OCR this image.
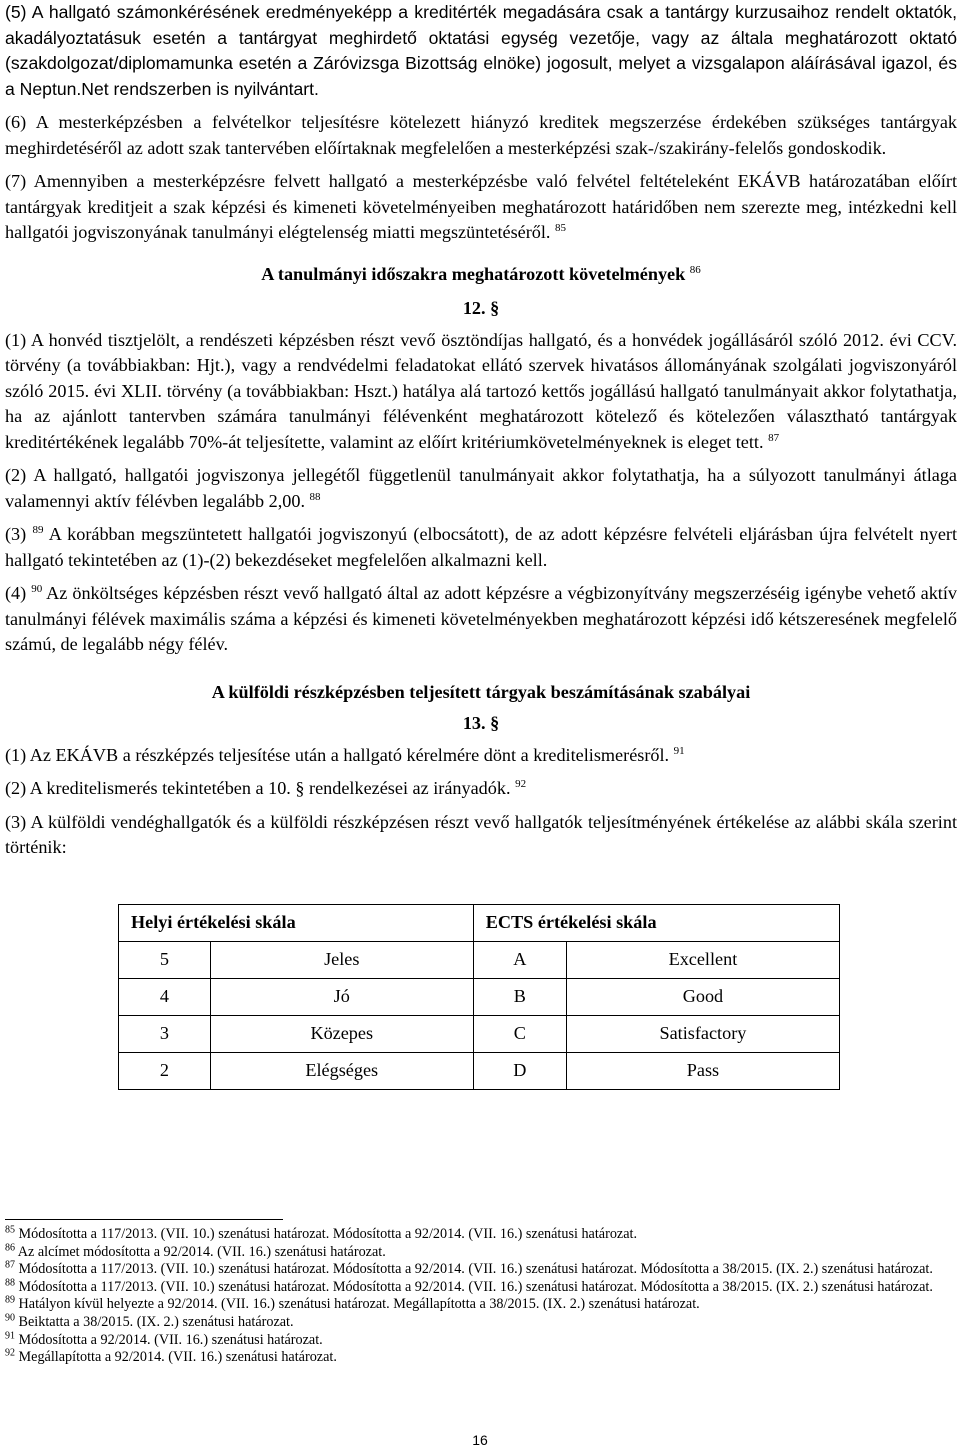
(5) A hallgató számonkérésének eredményeképp a kreditérték megadására csak a tantárgy kurzusaihoz rendelt oktatók, akadályoztatásuk esetén a tantárgyat meghirdető oktatási egység vezetője, vagy az általa meghatározott oktató (szakdolgozat/diplomamunka esetén a Záróvizsga Bizottság elnöke) jogosult, melyet a vizsgalapon aláírásával igazol, és a Neptun.Net rendszerben is nyilvántart.

(6) A mesterképzésben a felvételkor teljesítésre kötelezett hiányzó kreditek megszerzése érdekében szükséges tantárgyak meghirdetéséről az adott szak tantervében előírtaknak megfelelően a mesterképzési szak-/szakirány-felelős gondoskodik.

(7) Amennyiben a mesterképzésre felvett hallgató a mesterképzésbe való felvétel feltételeként EKÁVB határozatában előírt tantárgyak kreditjeit a szak képzési és kimeneti követelményeiben meghatározott határidőben nem szerezte meg, intézkedni kell hallgatói jogviszonyának tanulmányi elégtelenség miatti megszüntetéséről. $^{85}$

A tanulmányi időszakra meghatározott követelmények $^{86}$

12. §

(1) A honvéd tisztjelölt, a rendészeti képzésben részt vevő ösztöndíjas hallgató, és a honvédek jogállásáról szóló 2012. évi CCV. törvény (a továbbiakban: Hjt.), vagy a rendvédelmi feladatokat ellátó szervek hivatásos állományának szolgálati jogviszonyáról szóló 2015. évi XLII. törvény (a továbbiakban: Hszt.) hatálya alá tartozó kettős jogállású hallgató tanulmányait akkor folytathatja, ha az ajánlott tantervben számára tanulmányi félévenként meghatározott kötelező és kötelezően választható tantárgyak kreditértékének legalább 70%-át teljesítette, valamint az előírt kritériumkövetelményeknek is eleget tett. $^{87}$

(2) A hallgató, hallgatói jogviszonya jellegétől függetlenül tanulmányait akkor folytathatja, ha a súlyozott tanulmányi átlaga valamennyi aktív félévben legalább 2,00. $^{88}$

(3) $^{89}$ A korábban megszüntetett hallgatói jogviszonyú (elbocsátott), de az adott képzésre felvételi eljárásban újra felvételt nyert hallgató tekintetében az (1)-(2) bekezdéseket megfelelően alkalmazni kell.

(4) $^{90}$ Az önköltséges képzésben részt vevő hallgató által az adott képzésre a végbizonyítvány megszerzéséig igénybe vehető aktív tanulmányi félévek maximális száma a képzési és kimeneti követelményekben meghatározott képzési idő kétszeresének megfelelő számú, de legalább négy félév.

A külföldi részképzésben teljesített tárgyak beszámításának szabályai

13. §

(1) Az EKÁVB a részképzés teljesítése után a hallgató kérelmére dönt a kreditelismerésről. $^{91}$

(2) A kreditelismerés tekintetében a 10. § rendelkezései az irányadók. $^{92}$

(3) A külföldi vendéghallgatók és a külföldi részképzésen részt vevő hallgatók teljesítményének értékelése az alábbi skála szerint történik:

Helyi értékelési skála		ECTS értékelési skála	
5	Jeles	A	Excellent
4	Jó	B	Good
3	Közepes	C	Satisfactory
2	Elégséges	D	Pass

$^{85}$ Módosította a 117/2013. (VII. 10.) szenátusi határozat. Módosította a 92/2014. (VII. 16.) szenátusi határozat.

$^{86}$ Az alcímet módosította a 92/2014. (VII. 16.) szenátusi határozat.

$^{87}$ Módosította a 117/2013. (VII. 10.) szenátusi határozat. Módosította a 92/2014. (VII. 16.) szenátusi határozat. Módosította a 38/2015. (IX. 2.) szenátusi határozat.

$^{88}$ Módosította a 117/2013. (VII. 10.) szenátusi határozat. Módosította a 92/2014. (VII. 16.) szenátusi határozat. Módosította a 38/2015. (IX. 2.) szenátusi határozat.

$^{89}$ Hatályon kívül helyezte a 92/2014. (VII. 16.) szenátusi határozat. Megállapította a 38/2015. (IX. 2.) szenátusi határozat.

$^{90}$ Beiktatta a 38/2015. (IX. 2.) szenátusi határozat.

$^{91}$ Módosította a 92/2014. (VII. 16.) szenátusi határozat.

$^{92}$ Megállapította a 92/2014. (VII. 16.) szenátusi határozat.

16
